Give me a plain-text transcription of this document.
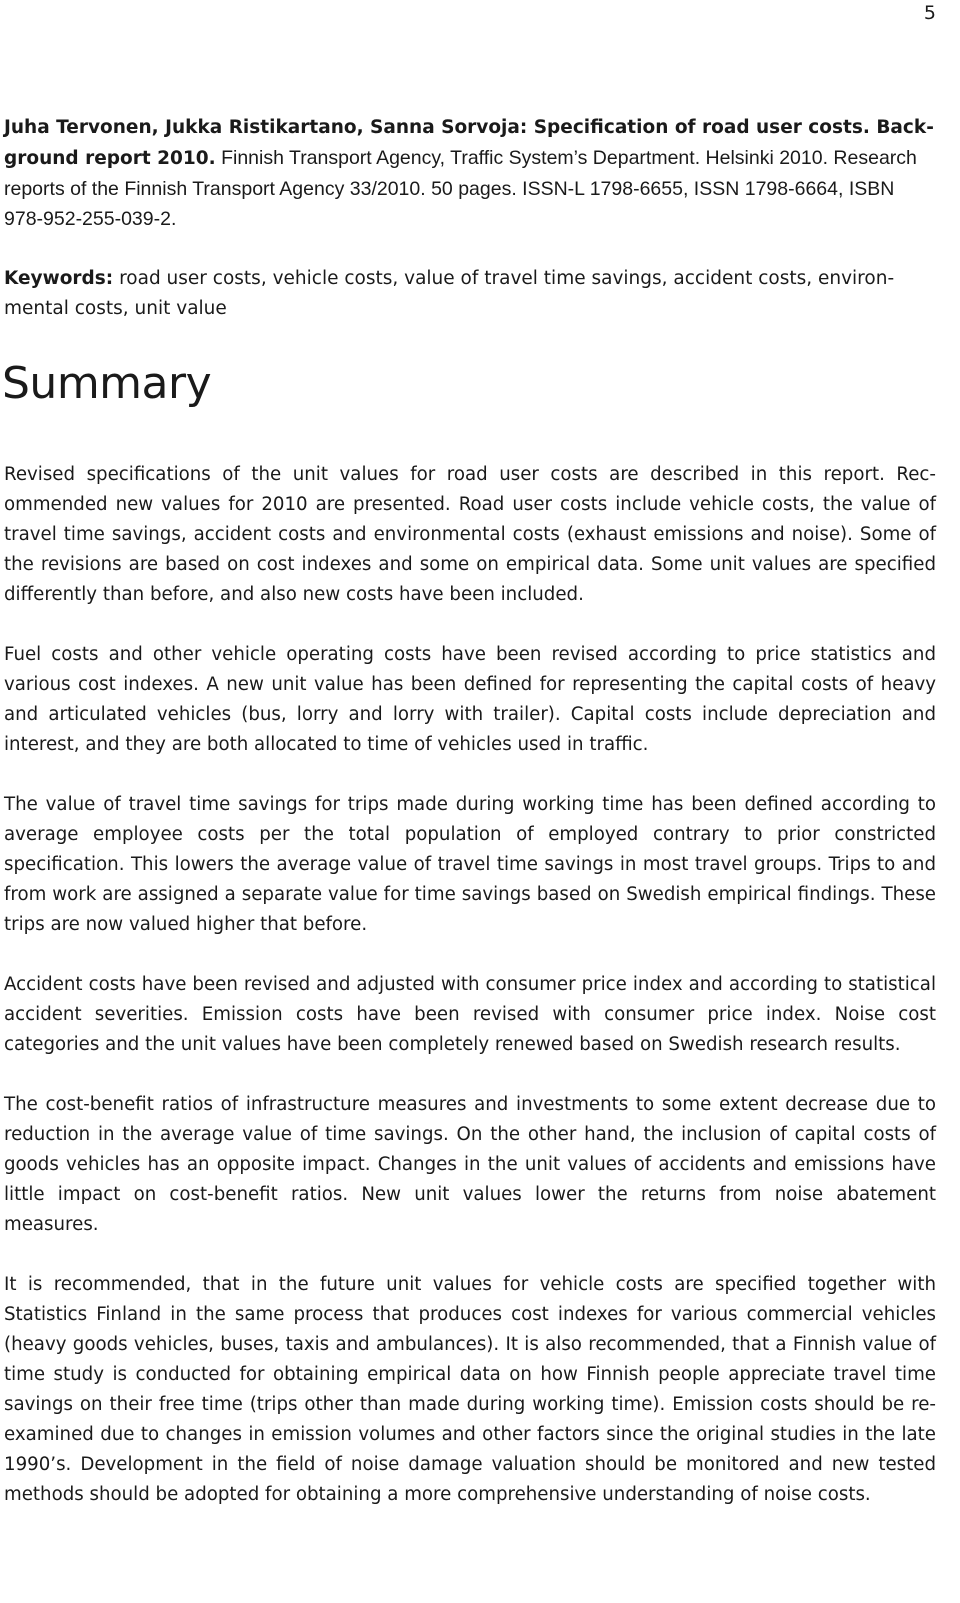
5

Juha Tervonen, Jukka Ristikartano, Sanna Sorvoja: Specification of road user costs. Background report 2010. Finnish Transport Agency, Traffic System’s Department. Helsinki 2010. Research reports of the Finnish Transport Agency 33/2010. 50 pages. ISSN-L 1798-6655, ISSN 1798-6664, ISBN 978-952-255-039-2.

Keywords: road user costs, vehicle costs, value of travel time savings, accident costs, environmental costs, unit value

Summary

Revised specifications of the unit values for road user costs are described in this report. Recommended new values for 2010 are presented. Road user costs include vehicle costs, the value of travel time savings, accident costs and environmental costs (exhaust emissions and noise). Some of the revisions are based on cost indexes and some on empirical data. Some unit values are specified differently than before, and also new costs have been included.

Fuel costs and other vehicle operating costs have been revised according to price statistics and various cost indexes. A new unit value has been defined for representing the capital costs of heavy and articulated vehicles (bus, lorry and lorry with trailer). Capital costs include depreciation and interest, and they are both allocated to time of vehicles used in traffic.

The value of travel time savings for trips made during working time has been defined according to average employee costs per the total population of employed contrary to prior constricted specification. This lowers the average value of travel time savings in most travel groups. Trips to and from work are assigned a separate value for time savings based on Swedish empirical findings. These trips are now valued higher that before.

Accident costs have been revised and adjusted with consumer price index and according to statistical accident severities. Emission costs have been revised with consumer price index. Noise cost categories and the unit values have been completely renewed based on Swedish research results.

The cost-benefit ratios of infrastructure measures and investments to some extent decrease due to reduction in the average value of time savings. On the other hand, the inclusion of capital costs of goods vehicles has an opposite impact. Changes in the unit values of accidents and emissions have little impact on cost-benefit ratios. New unit values lower the returns from noise abatement measures.

It is recommended, that in the future unit values for vehicle costs are specified together with Statistics Finland in the same process that produces cost indexes for various commercial vehicles (heavy goods vehicles, buses, taxis and ambulances). It is also recommended, that a Finnish value of time study is conducted for obtaining empirical data on how Finnish people appreciate travel time savings on their free time (trips other than made during working time). Emission costs should be re-examined due to changes in emission volumes and other factors since the original studies in the late 1990’s. Development in the field of noise damage valuation should be monitored and new tested methods should be adopted for obtaining a more comprehensive understanding of noise costs.
